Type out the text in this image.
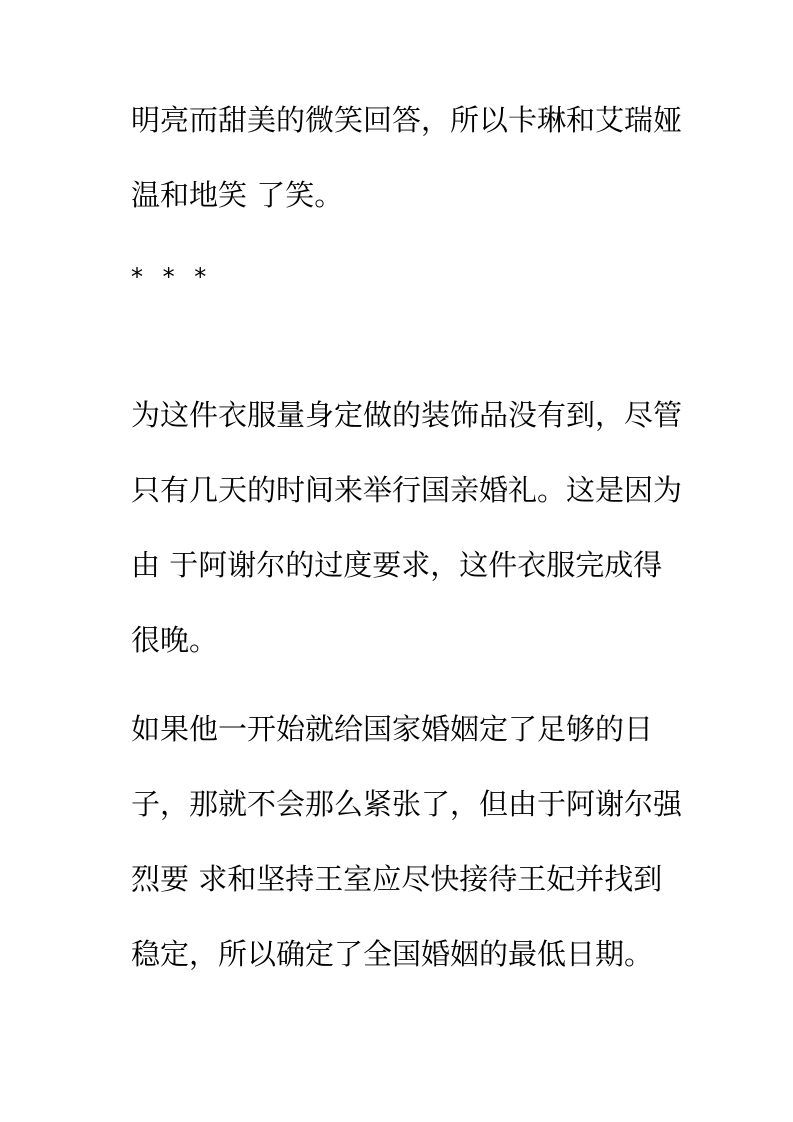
明亮而甜美的微笑回答，所以卡琳和艾瑞娅
温和地笑 了笑。
* * *
为这件衣服量身定做的装饰品没有到，尽管
只有几天的时间来举行国亲婚礼。这是因为
由 于阿谢尔的过度要求，这件衣服完成得
很晚。
如果他一开始就给国家婚姻定了足够的日
子，那就不会那么紧张了，但由于阿谢尔强
烈要 求和坚持王室应尽快接待王妃并找到
稳定，所以确定了全国婚姻的最低日期。
